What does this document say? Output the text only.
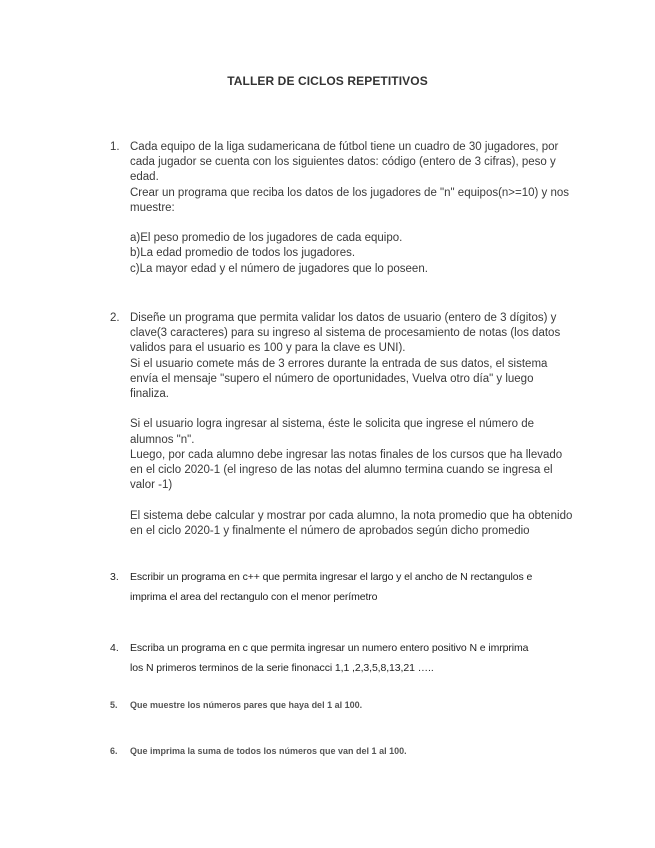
TALLER DE CICLOS REPETITIVOS
1. Cada equipo de la liga sudamericana de fútbol tiene un cuadro de 30 jugadores, por

cada jugador se cuenta con los siguientes datos: código (entero de 3 cifras), peso y

edad.

Crear un programa que reciba los datos de los jugadores de "n" equipos(n>=10) y nos

muestre:

a)El peso promedio de los jugadores de cada equipo.

b)La edad promedio de todos los jugadores.

c)La mayor edad y el número de jugadores que lo poseen.

2. Diseñe un programa que permita validar los datos de usuario (entero de 3 dígitos) y

clave(3 caracteres) para su ingreso al sistema de procesamiento de notas (los datos

validos para el usuario es 100 y para la clave es UNI).

Si el usuario comete más de 3 errores durante la entrada de sus datos, el sistema

envía el mensaje "supero el número de oportunidades, Vuelva otro día" y luego

finaliza.

Si el usuario logra ingresar al sistema, éste le solicita que ingrese el número de

alumnos "n".

Luego, por cada alumno debe ingresar las notas finales de los cursos que ha llevado

en el ciclo 2020-1 (el ingreso de las notas del alumno termina cuando se ingresa el

valor -1)

El sistema debe calcular y mostrar por cada alumno, la nota promedio que ha obtenido

en el ciclo 2020-1 y finalmente el número de aprobados según dicho promedio

3.	Escribir un programa en c++ que permita ingresar el largo y el ancho de N rectangulos e

imprima el area del rectangulo con el menor perímetro

4.	Escriba un programa en c que permita ingresar un numero entero positivo N e imrprima

los N primeros terminos de la serie finonacci 1,1 ,2,3,5,8,13,21 …..

5.	Que muestre los números pares que haya del 1 al 100.

6.	Que imprima la suma de todos los números que van del 1 al 100.
